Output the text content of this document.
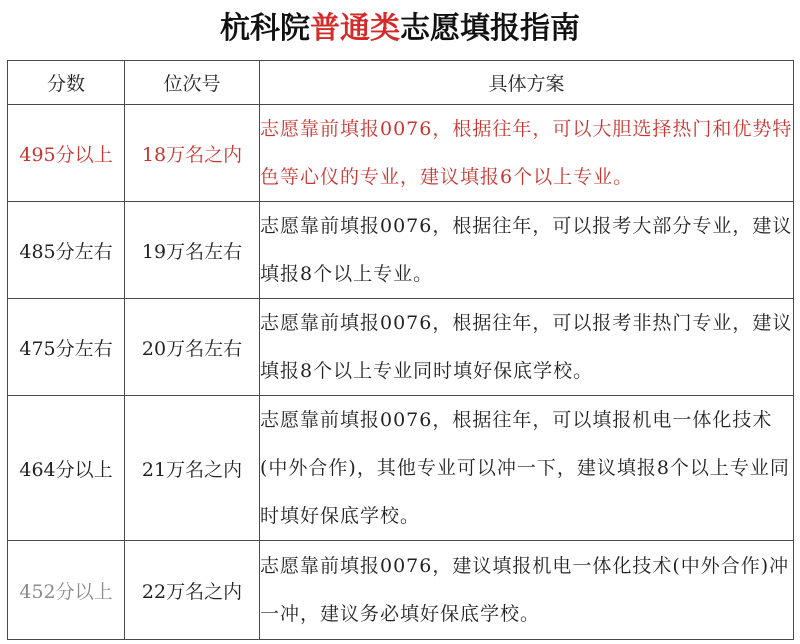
杭科院普通类志愿填报指南
分数	位次号	具体方案
495分以上	18万名之内	志愿靠前填报0076，根据往年，可以大胆选择热门和优势特色等心仪的专业，建议填报6个以上专业。
485分左右	19万名左右	志愿靠前填报0076，根据往年，可以报考大部分专业，建议填报8个以上专业。
475分左右	20万名左右	志愿靠前填报0076，根据往年，可以报考非热门专业，建议填报8个以上专业同时填好保底学校。
464分以上	21万名之内	志愿靠前填报0076，根据往年，可以填报机电一体化技术(中外合作)，其他专业可以冲一下，建议填报8个以上专业同时填好保底学校。
452分以上	22万名之内	志愿靠前填报0076，建议填报机电一体化技术(中外合作)冲一冲，建议务必填好保底学校。
